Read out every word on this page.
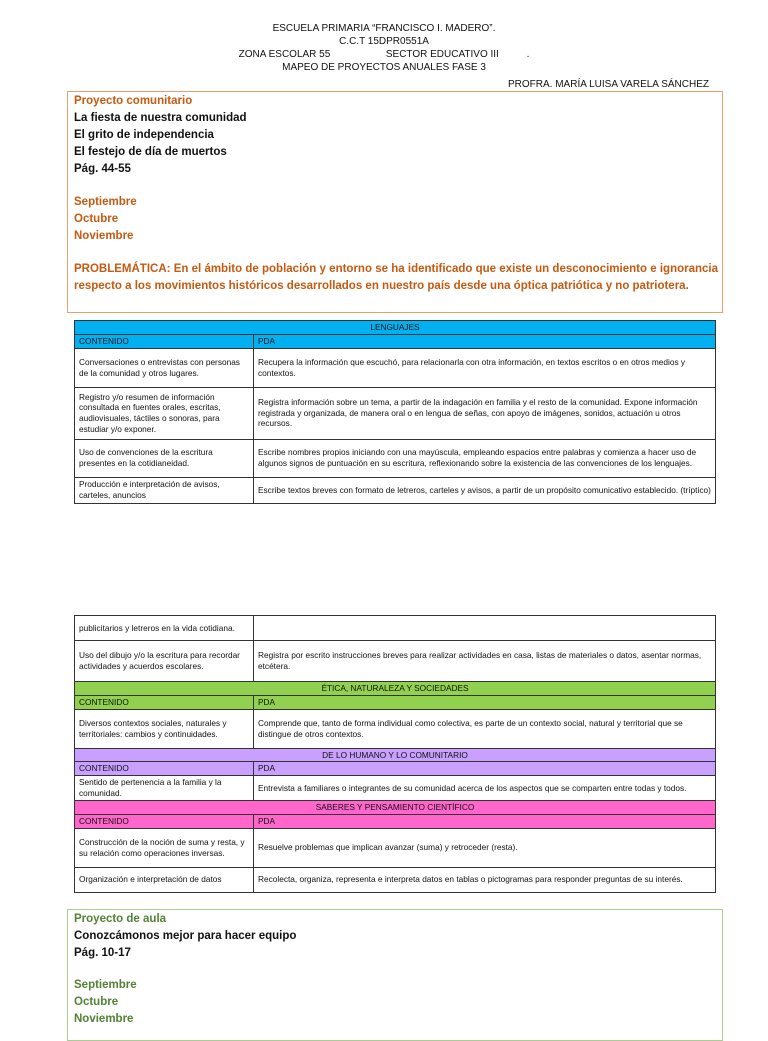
ESCUELA PRIMARIA “FRANCISCO I. MADERO”.
C.C.T 15DPR0551A
ZONA ESCOLAR 55                    SECTOR EDUCATIVO III          .
MAPEO DE PROYECTOS ANUALES FASE 3
PROFRA. MARÍA LUISA VARELA SÁNCHEZ
Proyecto comunitario
La fiesta de nuestra comunidad
El grito de independencia
El festejo de día de muertos
Pág. 44-55
Septiembre
Octubre
Noviembre
PROBLEMÁTICA: En el ámbito de población y entorno se ha identificado que existe un desconocimiento e ignorancia respecto a los movimientos históricos desarrollados en nuestro país desde una óptica patriótica y no patriotera.
LENGUAJES	
CONTENIDO	PDA
Conversaciones o entrevistas con personas de la comunidad y otros lugares.	Recupera la información que escuchó, para relacionarla con otra información, en textos escritos o en otros medios y contextos.
Registro y/o resumen de información consultada en fuentes orales, escritas, audiovisuales, táctiles o sonoras, para estudiar y/o exponer.	Registra información sobre un tema, a partir de la indagación en familia y el resto de la comunidad. Expone información registrada y organizada, de manera oral o en lengua de señas, con apoyo de imágenes, sonidos, actuación u otros recursos.
Uso de convenciones de la escritura presentes en la cotidianeidad.	Escribe nombres propios iniciando con una mayúscula, empleando espacios entre palabras y comienza a hacer uso de algunos signos de puntuación en su escritura, reflexionando sobre la existencia de las convenciones de los lenguajes.
Producción e interpretación de avisos, carteles, anuncios	Escribe textos breves con formato de letreros, carteles y avisos, a partir de un propósito comunicativo establecido. (tríptico)
publicitarios y letreros en la vida cotidiana.	
Uso del dibujo y/o la escritura para recordar actividades y acuerdos escolares.	Registra por escrito instrucciones breves para realizar actividades en casa, listas de materiales o datos, asentar normas, etcétera.
ÉTICA, NATURALEZA Y SOCIEDADES	
CONTENIDO	PDA
Diversos contextos sociales, naturales y territoriales: cambios y continuidades.	Comprende que, tanto de forma individual como colectiva, es parte de un contexto social, natural y territorial que se distingue de otros contextos.
DE LO HUMANO Y LO COMUNITARIO	
CONTENIDO	PDA
Sentido de pertenencia a la familia y la comunidad.	Entrevista a familiares o integrantes de su comunidad acerca de los aspectos que se comparten entre todas y todos.
SABERES Y PENSAMIENTO CIENTÍFICO	
CONTENIDO	PDA
Construcción de la noción de suma y resta, y su relación como operaciones inversas.	Resuelve problemas que implican avanzar (suma) y retroceder (resta).
Organización e interpretación de datos	Recolecta, organiza, representa e interpreta datos en tablas o pictogramas para responder preguntas de su interés.
Proyecto de aula
Conozcámonos mejor para hacer equipo
Pág. 10-17
Septiembre
Octubre
Noviembre
